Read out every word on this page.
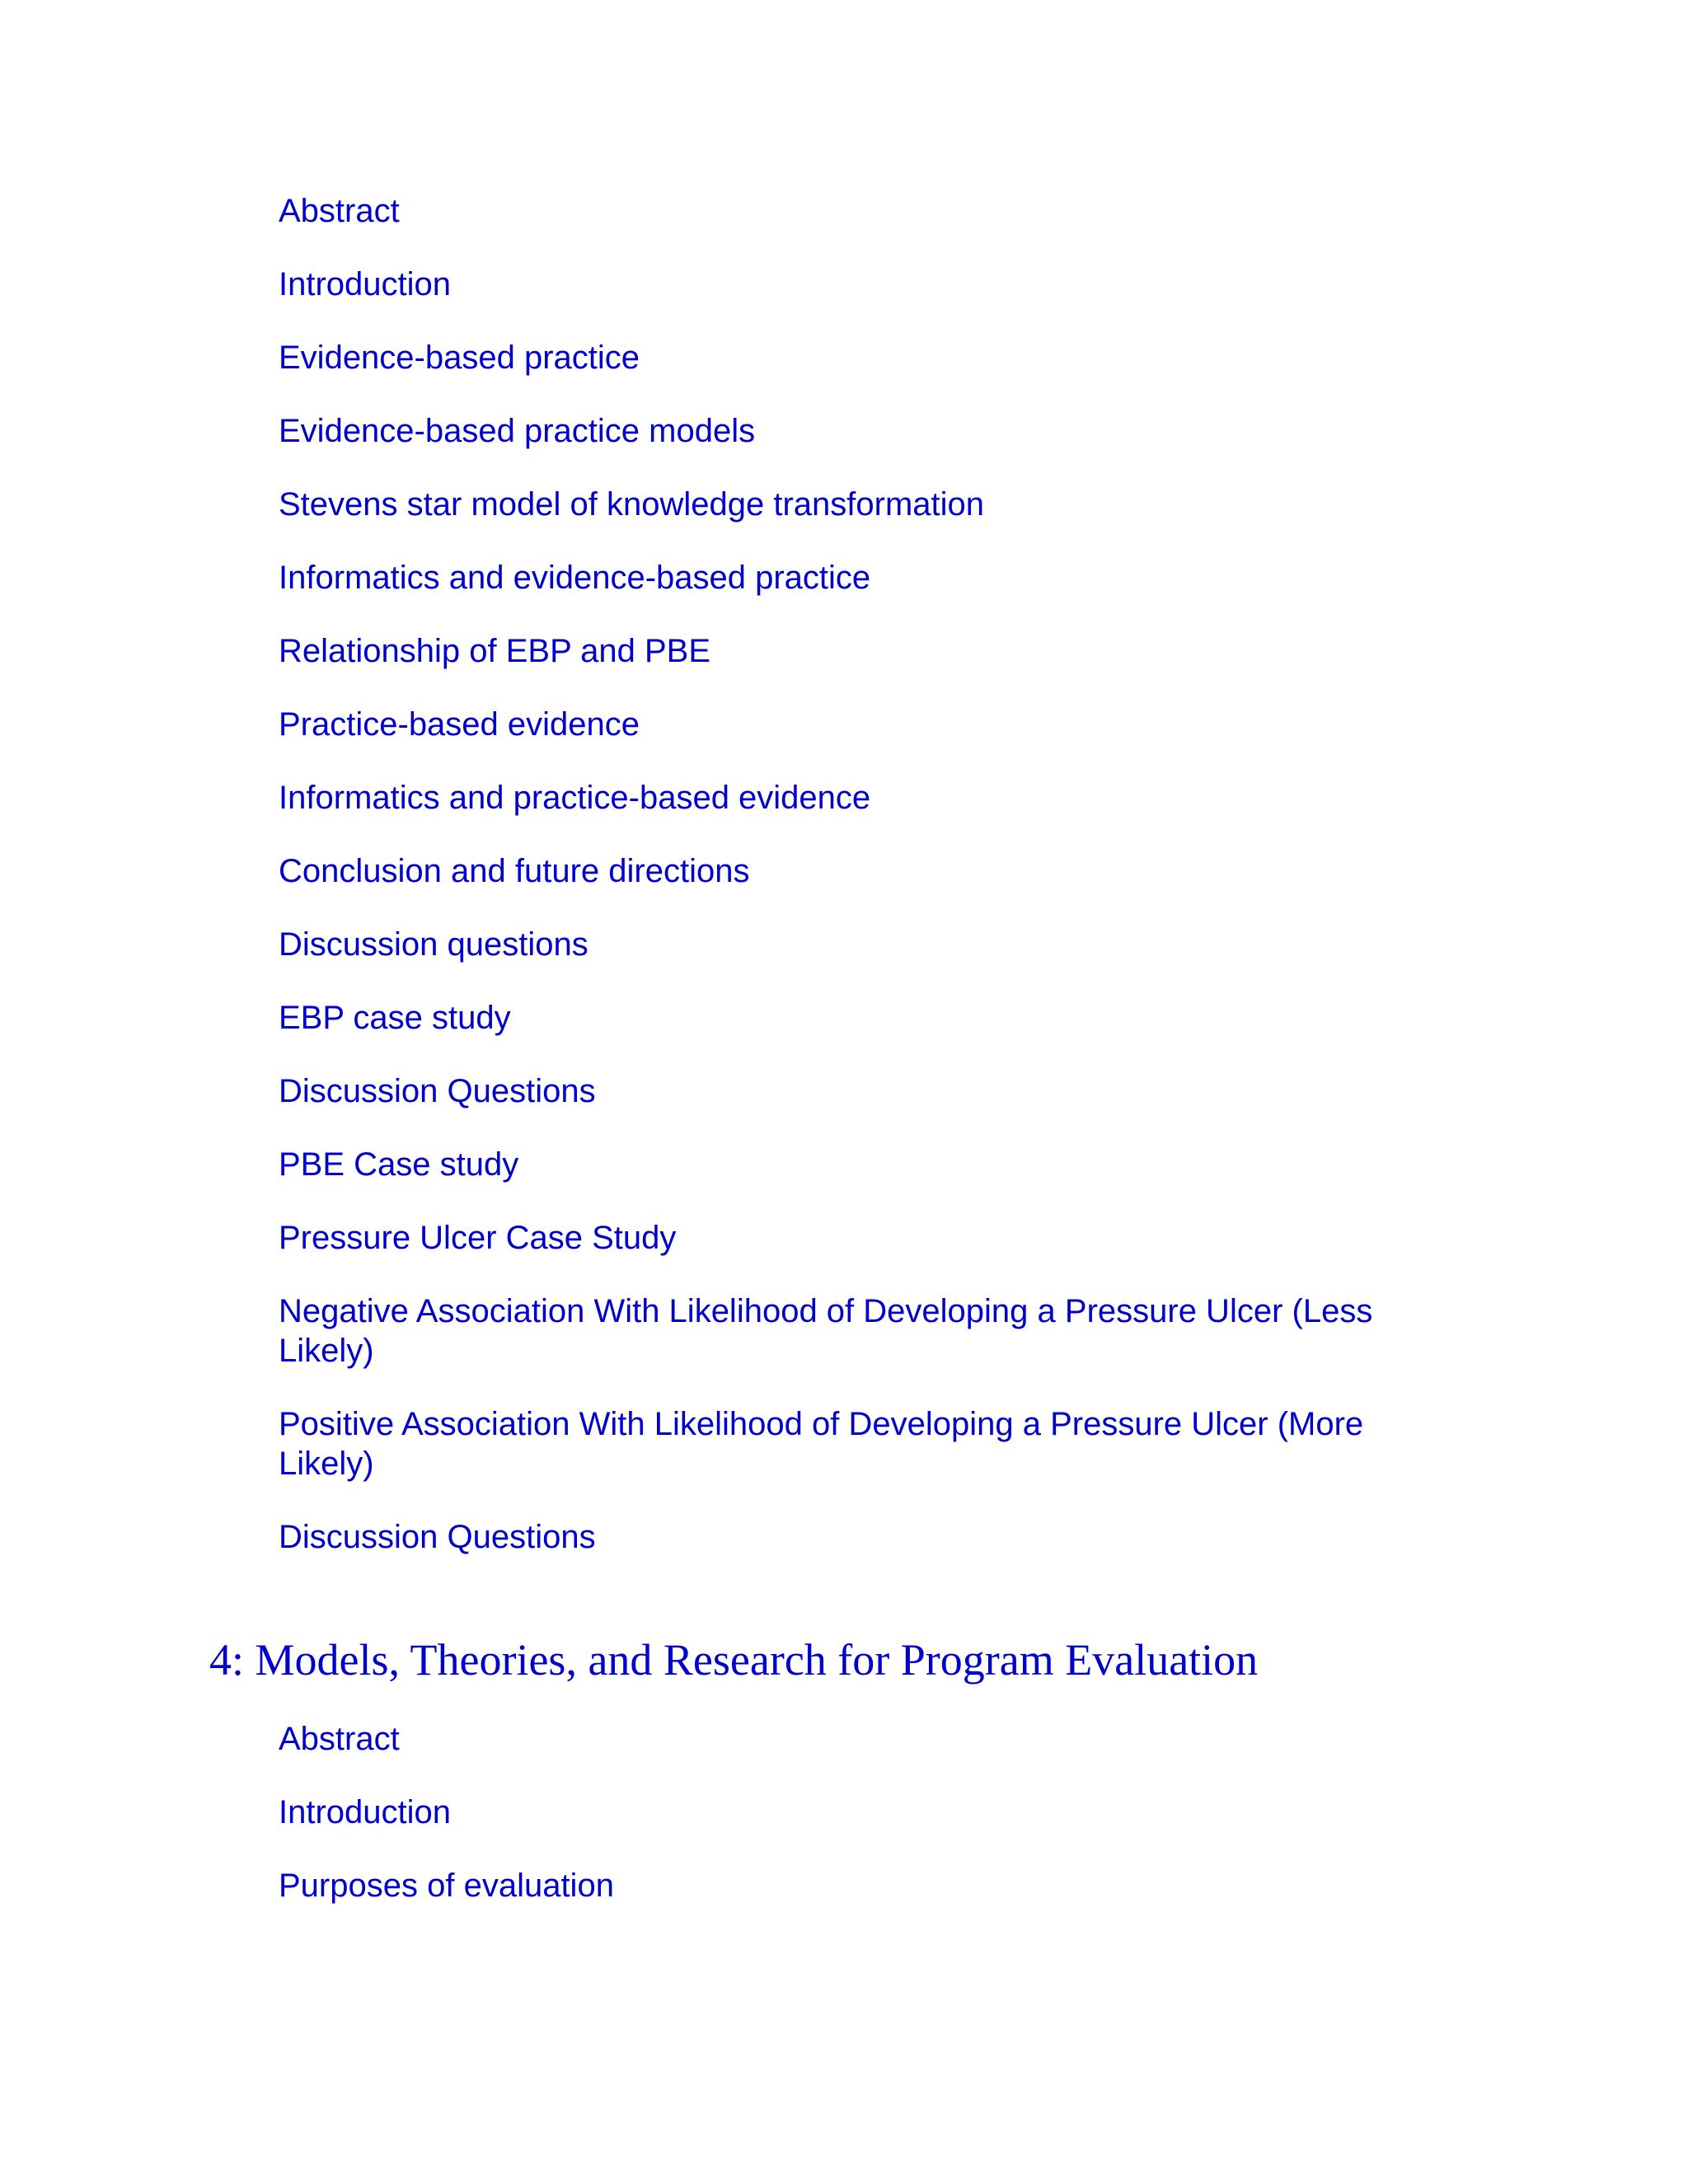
Abstract
Introduction
Evidence-based practice
Evidence-based practice models
Stevens star model of knowledge transformation
Informatics and evidence-based practice
Relationship of EBP and PBE
Practice-based evidence
Informatics and practice-based evidence
Conclusion and future directions
Discussion questions
EBP case study
Discussion Questions
PBE Case study
Pressure Ulcer Case Study
Negative Association With Likelihood of Developing a Pressure Ulcer (Less Likely)
Positive Association With Likelihood of Developing a Pressure Ulcer (More Likely)
Discussion Questions
4: Models, Theories, and Research for Program Evaluation
Abstract
Introduction
Purposes of evaluation
